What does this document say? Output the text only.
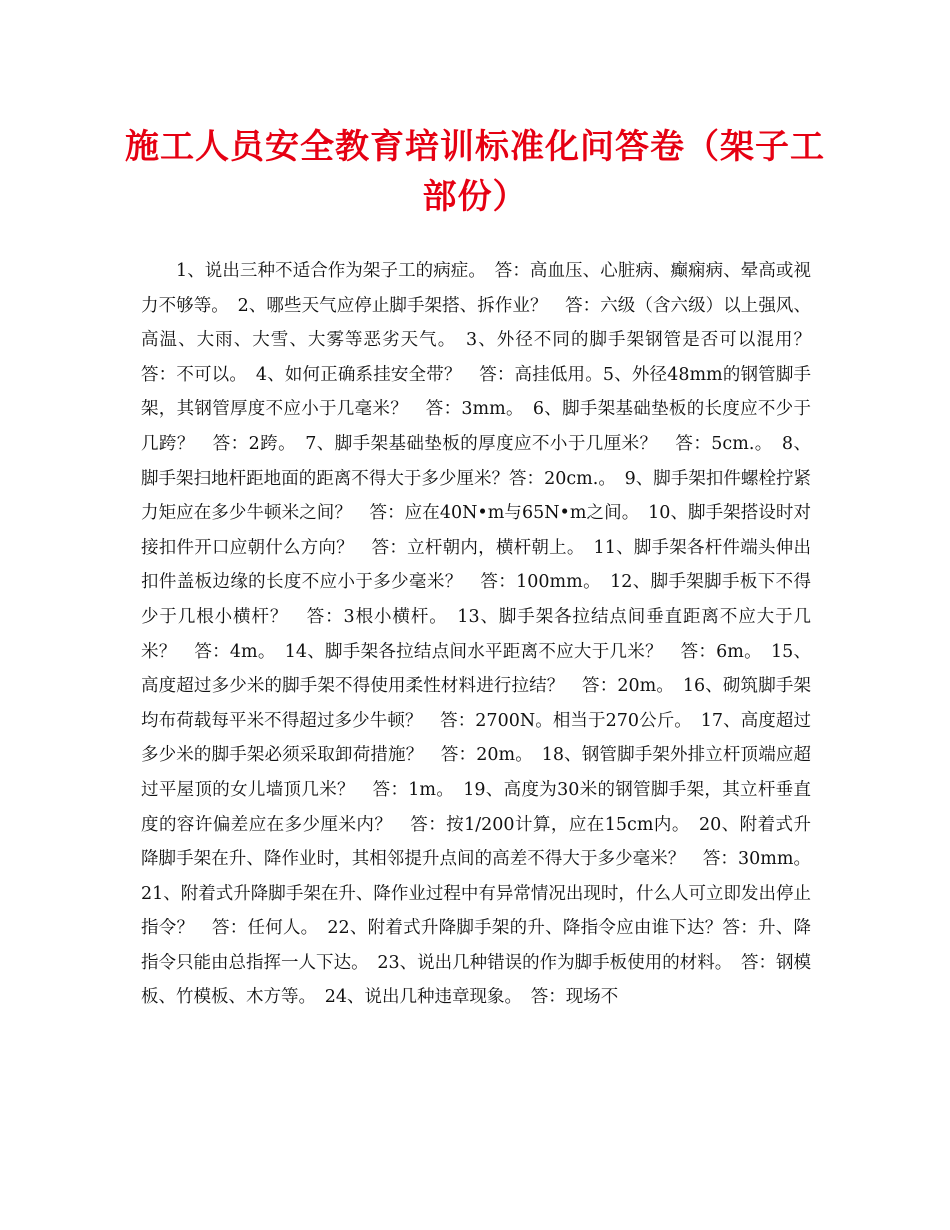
施工人员安全教育培训标准化问答卷（架子工部份）

1、说出三种不适合作为架子工的病症。　答：高血压、心脏病、癫痫病、晕高或视力不够等。　2、哪些天气应停止脚手架搭、拆作业？　答：六级（含六级）以上强风、高温、大雨、大雪、大雾等恶劣天气。　3、外径不同的脚手架钢管是否可以混用？　答：不可以。　4、如何正确系挂安全带？　答：高挂低用。5、外径48mm的钢管脚手架，其钢管厚度不应小于几毫米？　答：3mm。　6、脚手架基础垫板的长度应不少于几跨？　答：2跨。　7、脚手架基础垫板的厚度应不小于几厘米？　答：5cm.。　8、脚手架扫地杆距地面的距离不得大于多少厘米？答：20cm.。　9、脚手架扣件螺栓拧紧力矩应在多少牛顿米之间？　答：应在40N•m与65N•m之间。　10、脚手架搭设时对接扣件开口应朝什么方向？　答：立杆朝内，横杆朝上。　11、脚手架各杆件端头伸出扣件盖板边缘的长度不应小于多少毫米？　答：100mm。　12、脚手架脚手板下不得少于几根小横杆？　答：3根小横杆。　13、脚手架各拉结点间垂直距离不应大于几米？　答：4m。　14、脚手架各拉结点间水平距离不应大于几米？　答：6m。　15、高度超过多少米的脚手架不得使用柔性材料进行拉结？　答：20m。　16、砌筑脚手架均布荷载每平米不得超过多少牛顿？　答：2700N。相当于270公斤。　17、高度超过多少米的脚手架必须采取卸荷措施？　答：20m。　18、钢管脚手架外排立杆顶端应超过平屋顶的女儿墙顶几米？　答：1m。　19、高度为30米的钢管脚手架，其立杆垂直度的容许偏差应在多少厘米内？　答：按1/200计算，应在15cm内。　20、附着式升降脚手架在升、降作业时，其相邻提升点间的高差不得大于多少毫米？　答：30mm。21、附着式升降脚手架在升、降作业过程中有异常情况出现时，什么人可立即发出停止指令？　答：任何人。　22、附着式升降脚手架的升、降指令应由谁下达？答：升、降指令只能由总指挥一人下达。　23、说出几种错误的作为脚手板使用的材料。　答：钢模板、竹模板、木方等。　24、说出几种违章现象。　答：现场不
